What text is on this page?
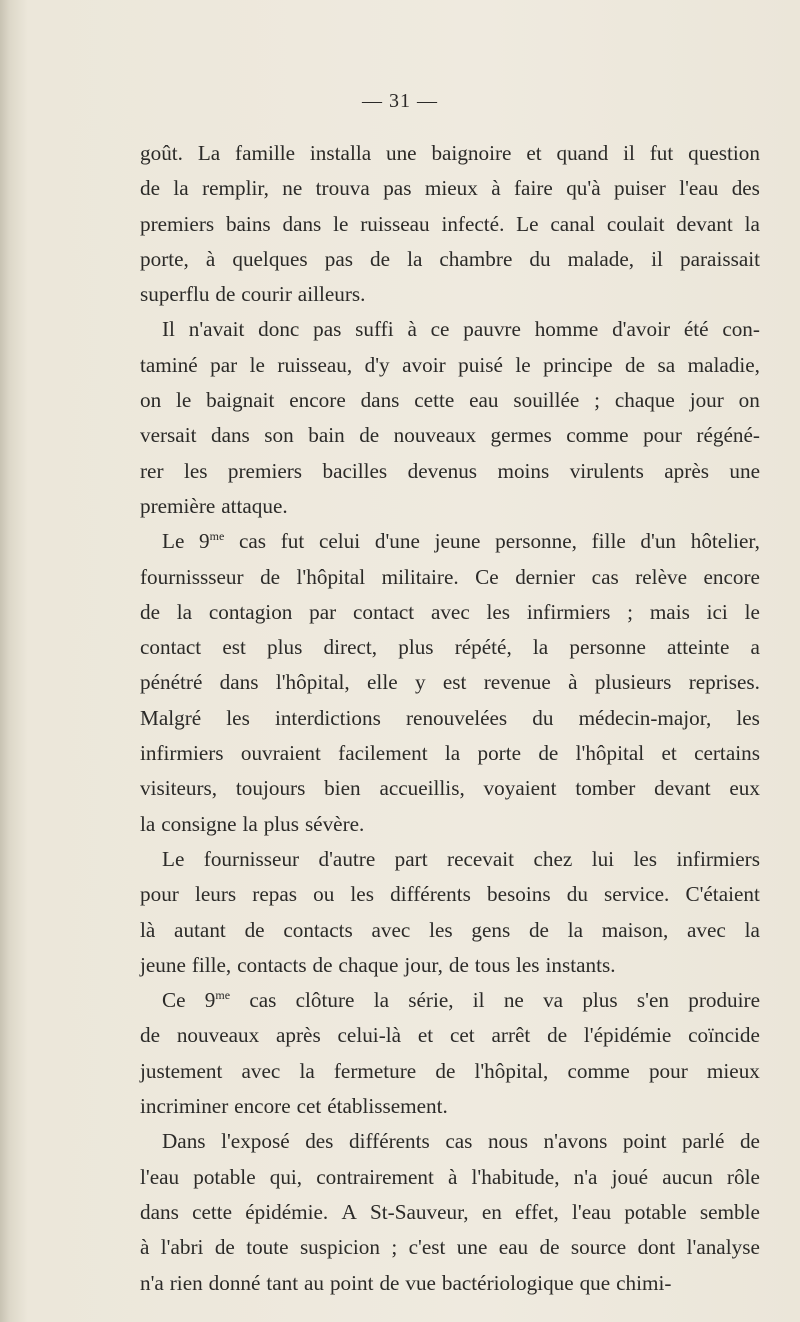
— 31 —
goût. La famille installa une baignoire et quand il fut question
de la remplir, ne trouva pas mieux à faire qu'à puiser l'eau des
premiers bains dans le ruisseau infecté. Le canal coulait devant la
porte, à quelques pas de la chambre du malade, il paraissait
superflu de courir ailleurs.
Il n'avait donc pas suffi à ce pauvre homme d'avoir été con-
taminé par le ruisseau, d'y avoir puisé le principe de sa maladie,
on le baignait encore dans cette eau souillée ; chaque jour on
versait dans son bain de nouveaux germes comme pour régéné-
rer les premiers bacilles devenus moins virulents après une
première attaque.
Le $9^{me}$ cas fut celui d'une jeune personne, fille d'un hôtelier,
fournissseur de l'hôpital militaire. Ce dernier cas relève encore
de la contagion par contact avec les infirmiers ; mais ici le
contact est plus direct, plus répété, la personne atteinte a
pénétré dans l'hôpital, elle y est revenue à plusieurs reprises.
Malgré les interdictions renouvelées du médecin-major, les
infirmiers ouvraient facilement la porte de l'hôpital et certains
visiteurs, toujours bien accueillis, voyaient tomber devant eux
la consigne la plus sévère.
Le fournisseur d'autre part recevait chez lui les infirmiers
pour leurs repas ou les différents besoins du service. C'étaient
là autant de contacts avec les gens de la maison, avec la
jeune fille, contacts de chaque jour, de tous les instants.
Ce $9^{me}$ cas clôture la série, il ne va plus s'en produire
de nouveaux après celui-là et cet arrêt de l'épidémie coïncide
justement avec la fermeture de l'hôpital, comme pour mieux
incriminer encore cet établissement.
Dans l'exposé des différents cas nous n'avons point parlé de
l'eau potable qui, contrairement à l'habitude, n'a joué aucun rôle
dans cette épidémie. A St-Sauveur, en effet, l'eau potable semble
à l'abri de toute suspicion ; c'est une eau de source dont l'analyse
n'a rien donné tant au point de vue bactériologique que chimi-
